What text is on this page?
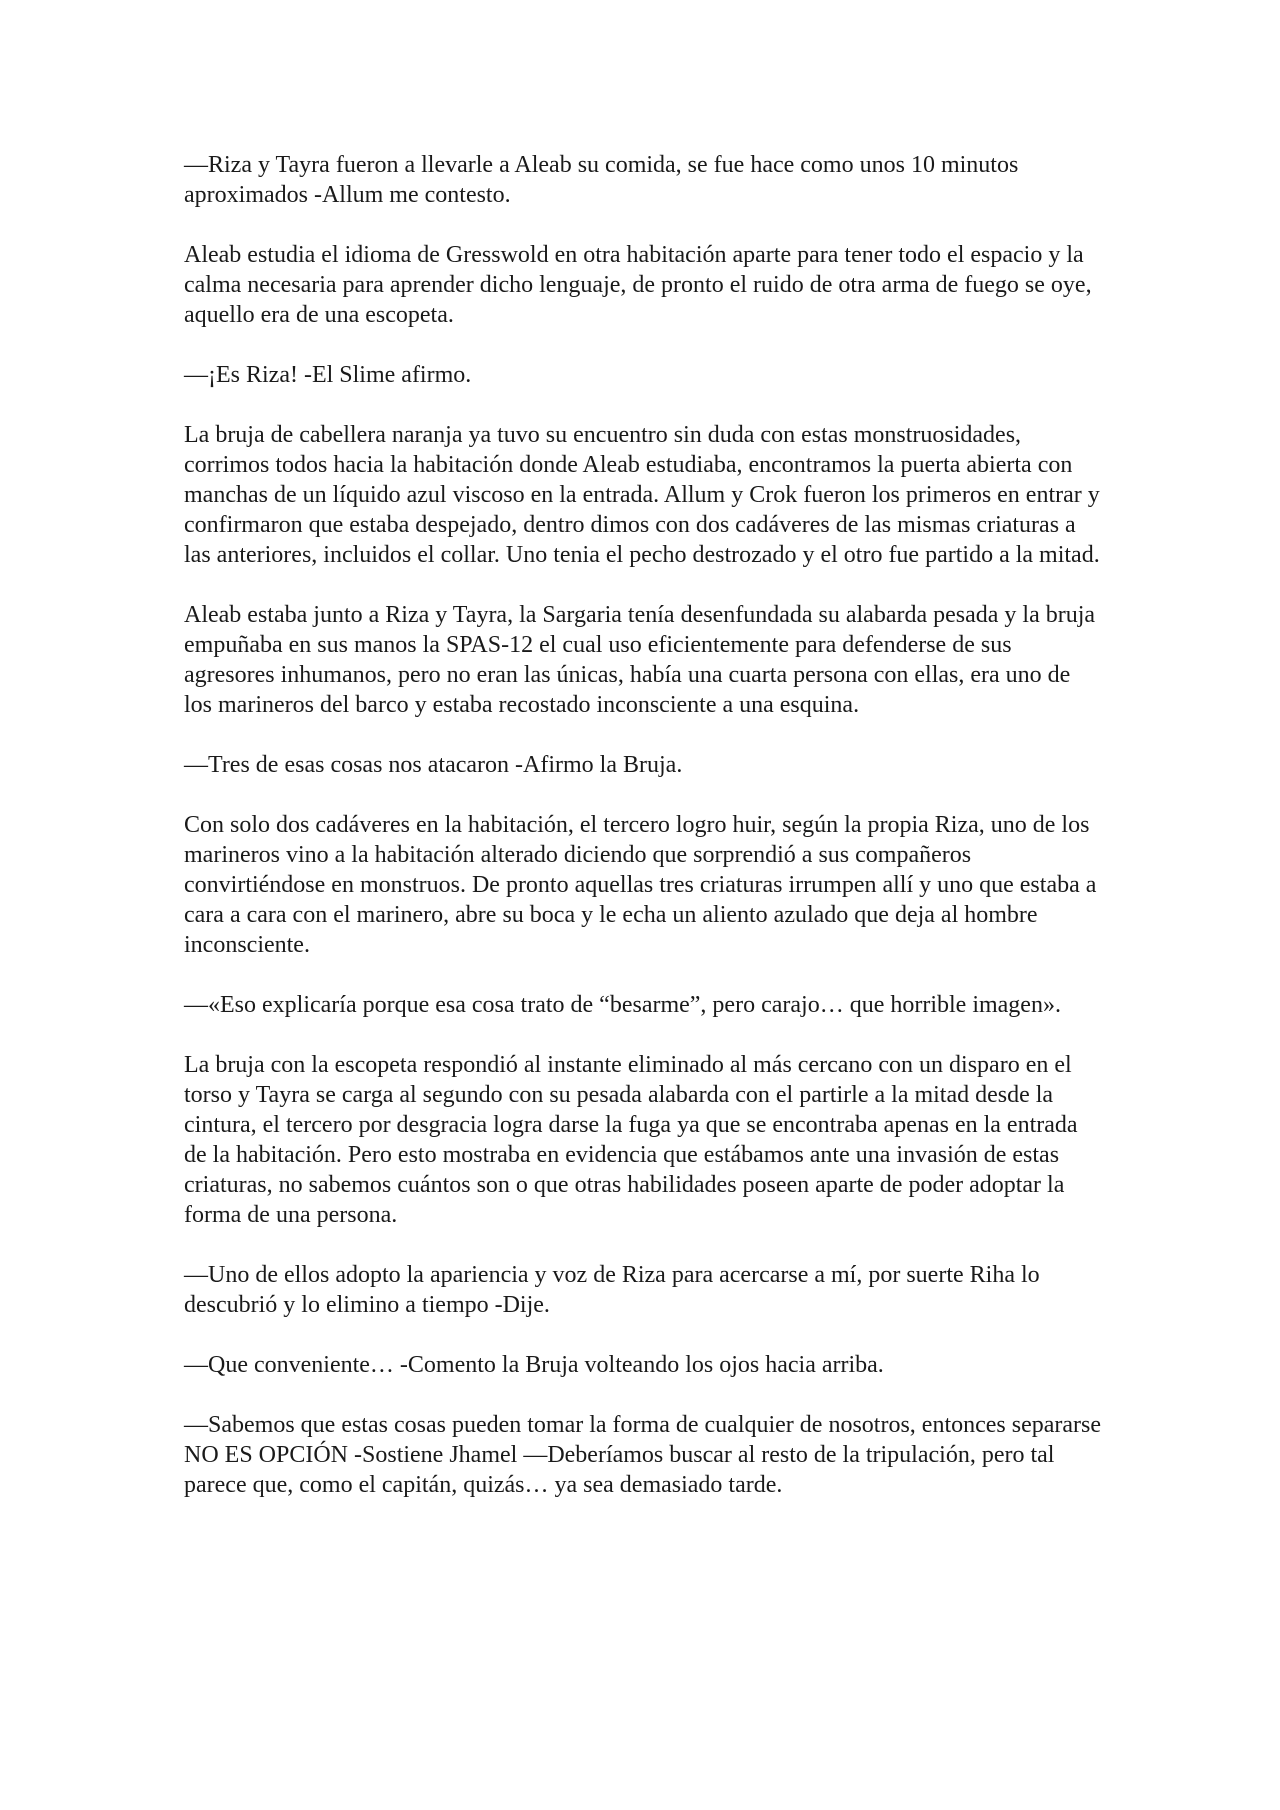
—Riza y Tayra fueron a llevarle a Aleab su comida, se fue hace como unos 10 minutos aproximados -Allum me contesto.

Aleab estudia el idioma de Gresswold en otra habitación aparte para tener todo el espacio y la calma necesaria para aprender dicho lenguaje, de pronto el ruido de otra arma de fuego se oye, aquello era de una escopeta.

—¡Es Riza! -El Slime afirmo.

La bruja de cabellera naranja ya tuvo su encuentro sin duda con estas monstruosidades, corrimos todos hacia la habitación donde Aleab estudiaba, encontramos la puerta abierta con manchas de un líquido azul viscoso en la entrada. Allum y Crok fueron los primeros en entrar y confirmaron que estaba despejado, dentro dimos con dos cadáveres de las mismas criaturas a las anteriores, incluidos el collar. Uno tenia el pecho destrozado y el otro fue partido a la mitad.

Aleab estaba junto a Riza y Tayra, la Sargaria tenía desenfundada su alabarda pesada y la bruja empuñaba en sus manos la SPAS-12 el cual uso eficientemente para defenderse de sus agresores inhumanos, pero no eran las únicas, había una cuarta persona con ellas, era uno de los marineros del barco y estaba recostado inconsciente a una esquina.

—Tres de esas cosas nos atacaron -Afirmo la Bruja.

Con solo dos cadáveres en la habitación, el tercero logro huir, según la propia Riza, uno de los marineros vino a la habitación alterado diciendo que sorprendió a sus compañeros convirtiéndose en monstruos. De pronto aquellas tres criaturas irrumpen allí y uno que estaba a cara a cara con el marinero, abre su boca y le echa un aliento azulado que deja al hombre inconsciente.

—«Eso explicaría porque esa cosa trato de “besarme”, pero carajo… que horrible imagen».

La bruja con la escopeta respondió al instante eliminado al más cercano con un disparo en el torso y Tayra se carga al segundo con su pesada alabarda con el partirle a la mitad desde la cintura, el tercero por desgracia logra darse la fuga ya que se encontraba apenas en la entrada de la habitación. Pero esto mostraba en evidencia que estábamos ante una invasión de estas criaturas, no sabemos cuántos son o que otras habilidades poseen aparte de poder adoptar la forma de una persona.

—Uno de ellos adopto la apariencia y voz de Riza para acercarse a mí, por suerte Riha lo descubrió y lo elimino a tiempo -Dije.

—Que conveniente… -Comento la Bruja volteando los ojos hacia arriba.

—Sabemos que estas cosas pueden tomar la forma de cualquier de nosotros, entonces separarse NO ES OPCIÓN -Sostiene Jhamel —Deberíamos buscar al resto de la tripulación, pero tal parece que, como el capitán, quizás… ya sea demasiado tarde.
